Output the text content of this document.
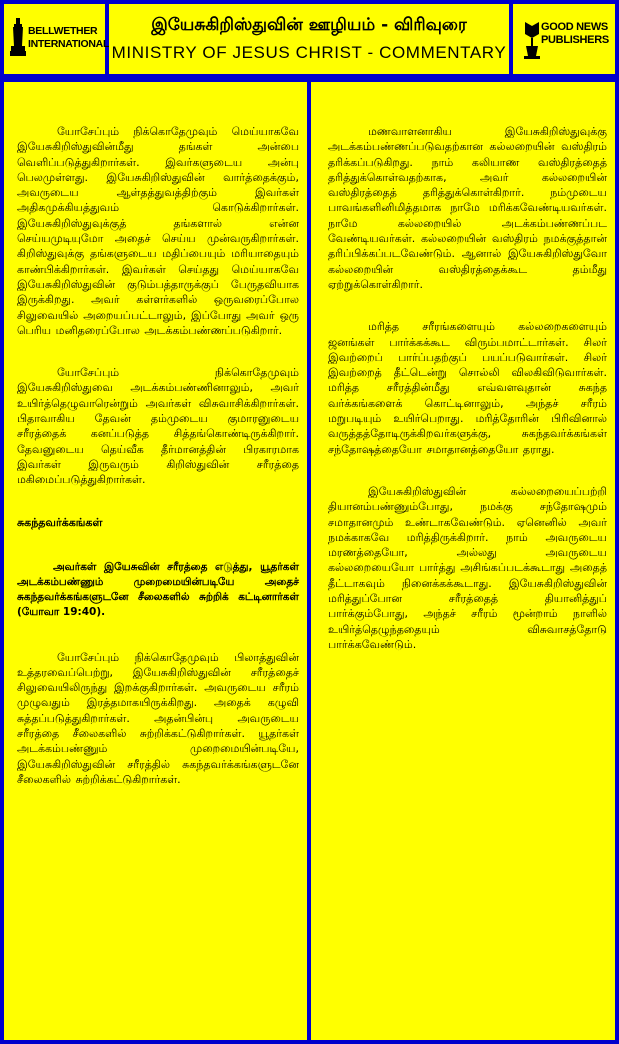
BELLWETHER
INTERNATIONAL
இயேசுகிறிஸ்துவின் ஊழியம் - விரிவுரை
MINISTRY OF JESUS CHRIST - COMMENTARY
GOOD NEWS
PUBLISHERS

யோசேப்பும் நிக்கொதேமுவும் மெய்யாகவே இயேசுகிறிஸ்துவின்மீது தங்கள் அன்பை வெளிப்படுத்துகிறார்கள். இவர்களுடைய அன்பு பெலமுள்ளது. இயேசுகிறிஸ்துவின் வார்த்தைக்கும், அவருடைய ஆள்தத்துவத்திற்கும் இவர்கள் அதிகமுக்கியத்துவம் கொடுக்கிறார்கள். இயேசுகிறிஸ்துவுக்குத் தங்களால் என்ன செய்யமுடியுமோ அதைச் செய்ய முன்வருகிறார்கள். கிறிஸ்துவுக்கு தங்களுடைய மதிப்பையும் மரியாதையும் காண்பிக்கிறார்கள். இவர்கள் செய்தது மெய்யாகவே இயேசுகிறிஸ்துவின் குடும்பத்தாருக்குப் பேருதவியாக இருக்கிறது. அவர் கள்ளர்களில் ஒருவரைப்போல சிலுவையில் அறையப்பட்டாலும், இப்போது அவர் ஒரு பெரிய மனிதரைப்போல அடக்கம்பண்ணப்படுகிறார்.

யோசேப்பும் நிக்கொதேமுவும் இயேசுகிறிஸ்துவை அடக்கம்பண்ணினாலும், அவர் உயிர்த்தெழுவாரென்றும் அவர்கள் விசுவாசிக்கிறார்கள். பிதாவாகிய தேவன் தம்முடைய குமாரனுடைய சரீரத்தைக் கனப்படுத்த சித்தங்கொண்டிருக்கிறார். தேவனுடைய தெய்வீக தீர்மானத்தின் பிரகாரமாக இவர்கள் இருவரும் கிறிஸ்துவின் சரீரத்தை மகிமைப்படுத்துகிறார்கள்.

சுகந்தவர்க்கங்கள்

அவர்கள் இயேசுவின் சரீரத்தை எடுத்து, யூதர்கள் அடக்கம்பண்ணும் முறைமையின்படியே அதைச் சுகந்தவர்க்கங்களுடனே சீலைகளில் சுற்றிக் கட்டினார்கள் (யோவா 19:40).

யோசேப்பும் நிக்கொதேமுவும் பிலாத்துவின் உத்தரவைப்பெற்று, இயேசுகிறிஸ்துவின் சரீரத்தைச் சிலுவையிலிருந்து இறக்குகிறார்கள். அவருடைய சரீரம் முழுவதும் இரத்தமாகயிருக்கிறது. அதைக் கழுவி சுத்தப்படுத்துகிறார்கள். அதன்பின்பு அவருடைய சரீரத்தை சீலைகளில் சுற்றிக்கட்டுகிறார்கள். யூதர்கள் அடக்கம்பண்ணும் முறைமையின்படியே, இயேசுகிறிஸ்துவின் சரீரத்தில் சுகந்தவர்க்கங்களுடனே சீலைகளில் சுற்றிக்கட்டுகிறார்கள்.

மணவாளனாகிய இயேசுகிறிஸ்துவுக்கு அடக்கம்பண்ணப்படுவதற்கான கல்லறையின் வஸ்திரம் தரிக்கப்படுகிறது. நாம் கலியாண வஸ்திரத்தைத் தரித்துக்கொள்வதற்காக, அவர் கல்லறையின் வஸ்திரத்தைத் தரித்துக்கொள்கிறார். நம்முடைய பாவங்களினிமித்தமாக நாமே மரிக்கவேண்டியவர்கள். நாமே கல்லறையில் அடக்கம்பண்ணப்பட வேண்டியவர்கள். கல்லறையின் வஸ்திரம் நமக்குத்தான் தரிப்பிக்கப்படவேண்டும். ஆனால் இயேசுகிறிஸ்துவோ கல்லறையின் வஸ்திரத்தைக்கூட தம்மீது ஏற்றுக்கொள்கிறார்.

மரித்த சரீரங்களையும் கல்லறைகளையும் ஜனங்கள் பார்க்கக்கூட விரும்பமாட்டார்கள். சிலர் இவற்றைப் பார்ப்பதற்குப் பயப்படுவார்கள். சிலர் இவற்றைத் தீட்டென்று சொல்லி விலகிவிடுவார்கள். மரித்த சரீரத்தின்மீது எவ்வளவுதான் சுகந்த வர்க்கங்களைக் கொட்டினாலும், அந்தச் சரீரம் மறுபடியும் உயிர்பெறாது. மரித்தோரின் பிரிவினால் வருத்தத்தோடிருக்கிறவர்களுக்கு, சுகந்தவர்க்கங்கள் சந்தோஷத்தையோ சமாதானத்தையோ தராது.

இயேசுகிறிஸ்துவின் கல்லறையைப்பற்றி தியானம்பண்ணும்போது, நமக்கு சந்தோஷமும் சமாதானமும் உண்டாகவேண்டும். ஏனெனில் அவர் நமக்காகவே மரித்திருக்கிறார். நாம் அவருடைய மரணத்தையோ, அல்லது அவருடைய கல்லறையையோ பார்த்து அசிங்கப்படக்கூடாது அதைத் தீட்டாகவும் நினைக்கக்கூடாது. இயேசுகிறிஸ்துவின் மரித்துப்போன சரீரத்தைத் தியானித்துப் பார்க்கும்போது, அந்தச் சரீரம் மூன்றாம் நாளில் உயிர்த்தெழுந்ததையும் விசுவாசத்தோடு பார்க்கவேண்டும்.
